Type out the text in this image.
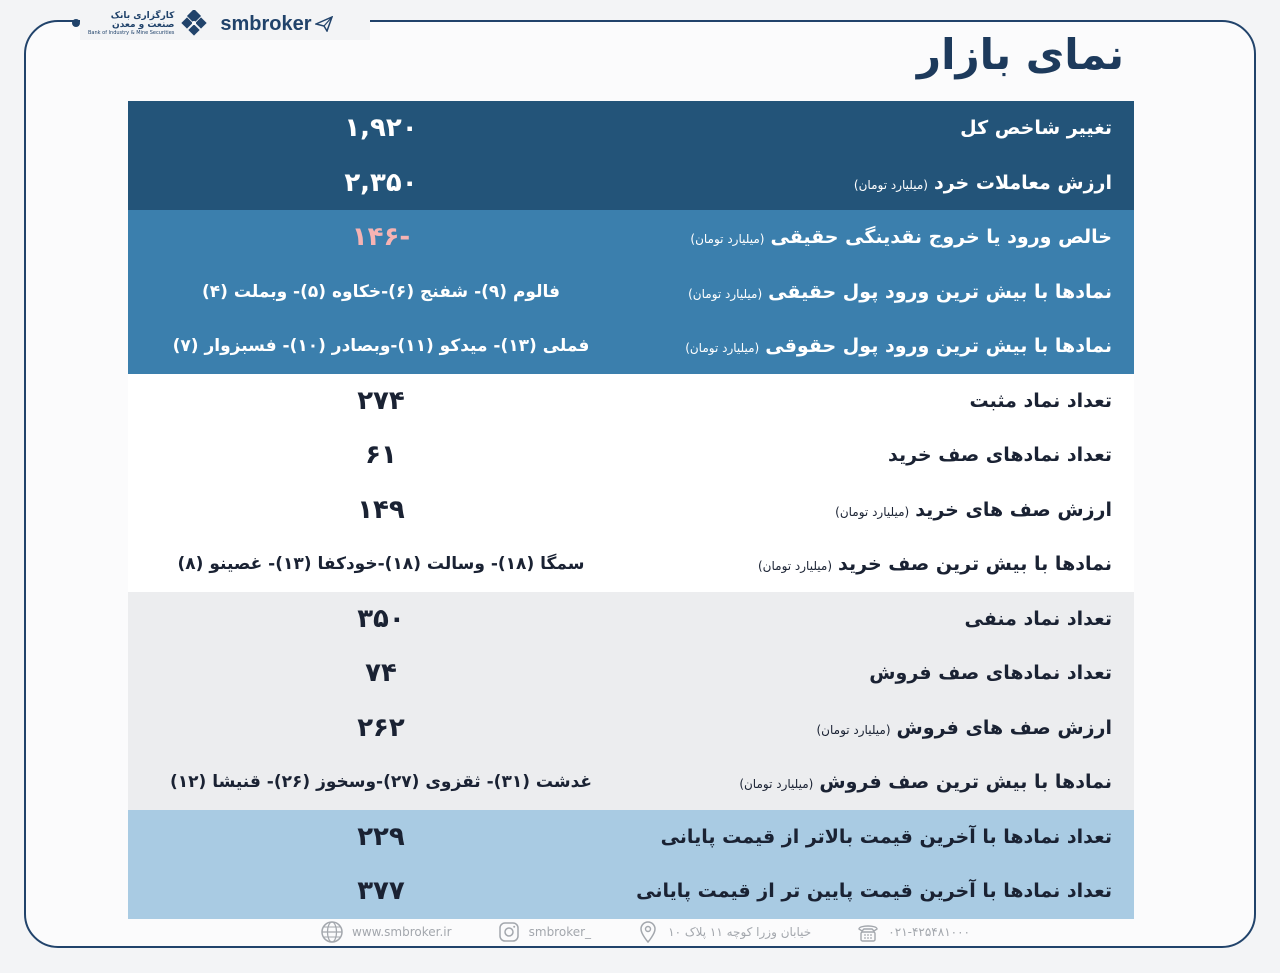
کارگزاری بانک
صنعت و معدن
Bank of Industry & Mine Securities smbroker
نمای بازار
تغییر شاخص کل
۱,۹۲۰
ارزش معاملات خرد(میلیارد تومان)
۲,۳۵۰
خالص ورود یا خروج نقدینگی حقیقی(میلیارد تومان)
-۱۴۶
نمادها با بیش ترین ورود پول حقیقی(میلیارد تومان)
فالوم (۹)- شفنج (۶)-خکاوه (۵)- وبملت (۴)
نمادها با بیش ترین ورود پول حقوقی(میلیارد تومان)
فملی (۱۳)- میدکو (۱۱)-وبصادر (۱۰)- فسبزوار (۷)
تعداد نماد مثبت
۲۷۴
تعداد نمادهای صف خرید
۶۱
ارزش صف های خرید(میلیارد تومان)
۱۴۹
نمادها با بیش ترین صف خرید(میلیارد تومان)
سمگا (۱۸)- وسالت (۱۸)-خودکفا (۱۳)- غصینو (۸)
تعداد نماد منفی
۳۵۰
تعداد نمادهای صف فروش
۷۴
ارزش صف های فروش(میلیارد تومان)
۲۶۲
نمادها با بیش ترین صف فروش(میلیارد تومان)
غدشت (۳۱)- ثقزوی (۲۷)-وسخوز (۲۶)- قنیشا (۱۲)
تعداد نمادها با آخرین قیمت بالاتر از قیمت پایانی
۲۲۹
تعداد نمادها با آخرین قیمت پایین تر از قیمت پایانی
۳۷۷
www.smbroker.ir	smbroker_	خیابان وزرا کوچه ۱۱ پلاک ۱۰	۰۲۱-۴۲۵۴۸۱۰۰۰
